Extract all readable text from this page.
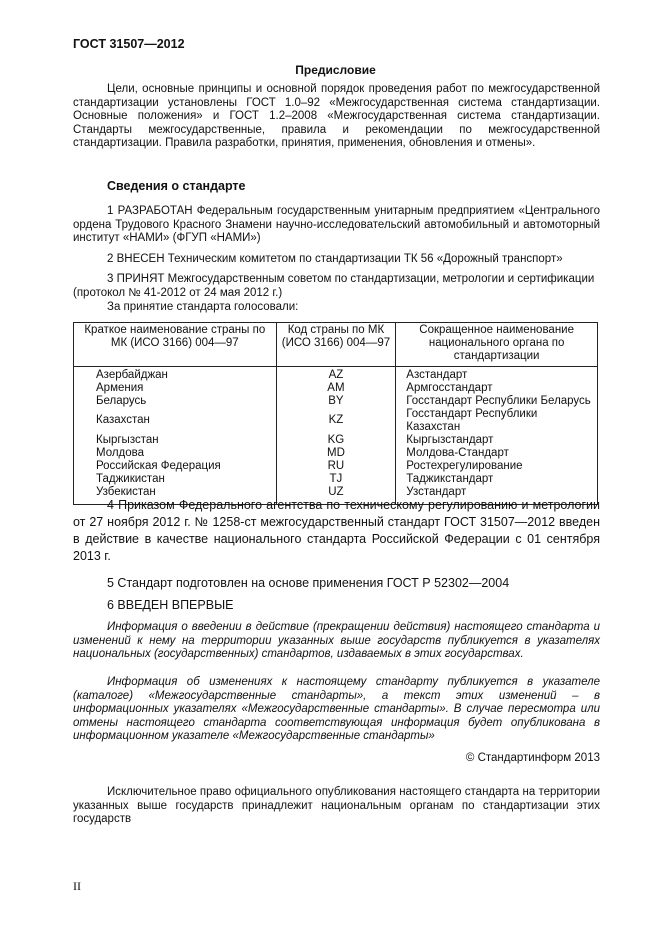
ГОСТ 31507—2012
Предисловие
Цели, основные принципы и основной порядок проведения работ по межгосударственной стандартизации установлены ГОСТ 1.0–92 «Межгосударственная система стандартизации. Основные положения» и ГОСТ 1.2–2008 «Межгосударственная система стандартизации. Стандарты межгосударственные, правила и рекомендации по межгосударственной стандартизации. Правила разработки, принятия, применения, обновления и отмены».
Сведения о стандарте
1 РАЗРАБОТАН Федеральным государственным унитарным предприятием «Центрального ордена Трудового Красного Знамени научно-исследовательский автомобильный и автомоторный институт «НАМИ» (ФГУП «НАМИ»)
2 ВНЕСЕН Техническим комитетом по стандартизации ТК 56 «Дорожный транспорт»
3 ПРИНЯТ Межгосударственным советом по стандартизации, метрологии и сертификации (протокол № 41-2012 от 24 мая 2012 г.)
За принятие стандарта голосовали:
Краткое наименование страны по МК (ИСО 3166) 004—97	Код страны по МК (ИСО 3166) 004—97	Сокращенное наименование национального органа по стандартизации
Азербайджан	AZ	Азстандарт
Армения	AM	Армгосстандарт
Беларусь	BY	Госстандарт Республики Беларусь
Казахстан	KZ	Госстандарт Республики Казахстан
Кыргызстан	KG	Кыргызстандарт
Молдова	MD	Молдова-Стандарт
Российская Федерация	RU	Ростехрегулирование
Таджикистан	TJ	Таджикстандарт
Узбекистан	UZ	Узстандарт
4 Приказом Федерального агентства по техническому регулированию и метрологии от 27 ноября 2012 г. № 1258-ст межгосударственный стандарт ГОСТ 31507—2012 введен в действие в качестве национального стандарта Российской Федерации с 01 сентября 2013 г.
5 Стандарт подготовлен на основе применения ГОСТ Р 52302—2004
6 ВВЕДЕН ВПЕРВЫЕ
Информация о введении в действие (прекращении действия) настоящего стандарта и изменений к нему на территории указанных выше государств публикуется в указателях национальных (государственных) стандартов, издаваемых в этих государствах.
Информация об изменениях к настоящему стандарту публикуется в указателе (каталоге) «Межгосударственные стандарты», а текст этих изменений – в информационных указателях «Межгосударственные стандарты». В случае пересмотра или отмены настоящего стандарта соответствующая информация будет опубликована в информационном указателе «Межгосударственные стандарты»
© Стандартинформ 2013
Исключительное право официального опубликования настоящего стандарта на территории указанных выше государств принадлежит национальным органам по стандартизации этих государств
II
